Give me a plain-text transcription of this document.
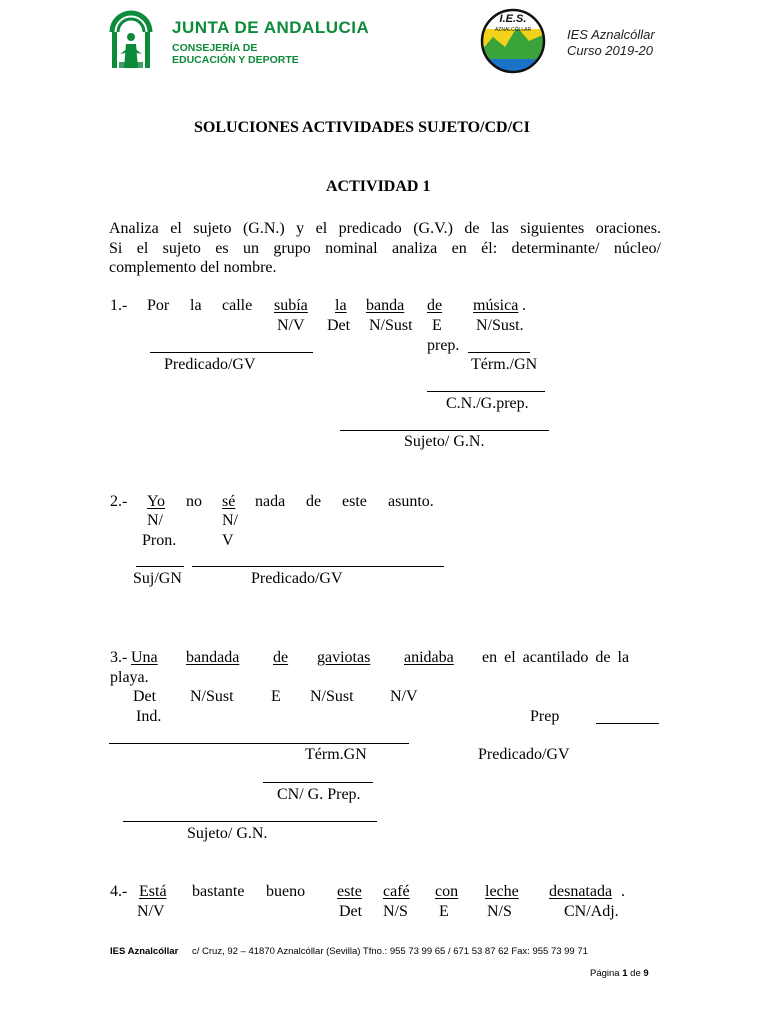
JUNTA DE ANDALUCIA
CONSEJERÍA DE
EDUCACIÓN Y DEPORTE
I.E.S.
AZNALCÓLLAR	IES Aznalcóllar
Curso 2019-20
SOLUCIONES ACTIVIDADES SUJETO/CD/CI
ACTIVIDAD 1
Analiza el sujeto (G.N.) y el predicado (G.V.) de las siguientes oraciones.
Si el sujeto es un grupo nominal analiza en él: determinante/ núcleo/
complemento del nombre.
1.- Por la calle subía la banda de música .
N/V Det N/Sust E N/Sust.
prep.
Predicado/GV	Térm./GN
C.N./G.prep.
Sujeto/ G.N.
2.- Yo no sé nada de este asunto.
N/
Pron.
N/
V
Suj/GN	Predicado/GV
3.- Una bandada de gaviotas anidaba en el acantilado de la
playa.
Det
Ind.
N/Sust E N/Sust N/V
Prep
Térm.GN	Predicado/GV
CN/ G. Prep.
Sujeto/ G.N.
4.- Está bastante bueno este café con leche desnatada .
N/V	Det N/S E N/S	CN/Adj.
IES Aznalcóllar c/ Cruz, 92 – 41870 Aznalcóllar (Sevilla) Tfno.: 955 73 99 65 / 671 53 87 62 Fax: 955 73 99 71
Página 1 de 9
